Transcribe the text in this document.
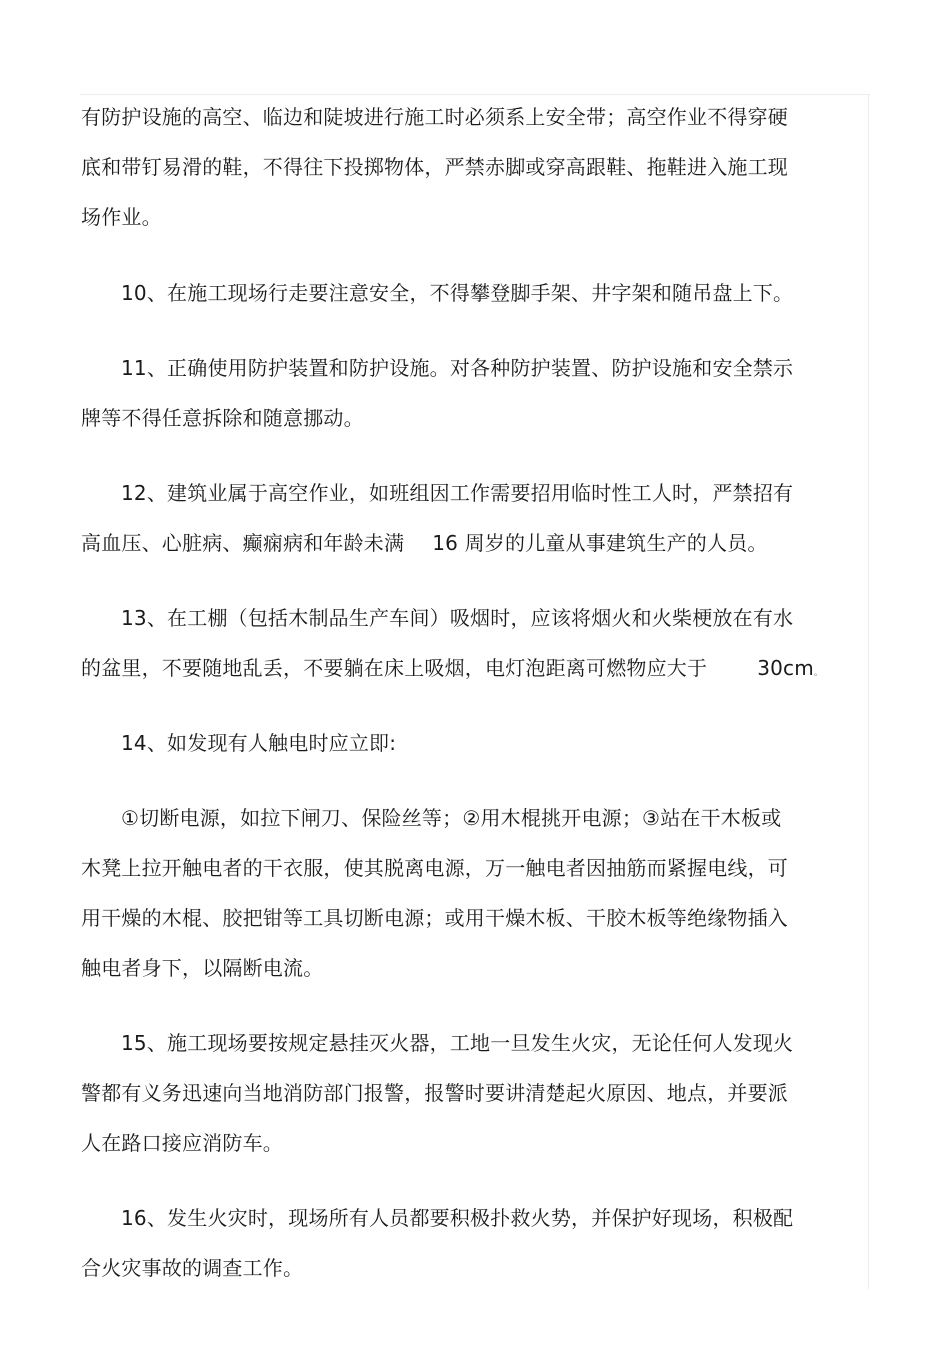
有防护设施的高空、临边和陡坡进行施工时必须系上安全带；高空作业不得穿硬
底和带钉易滑的鞋，不得往下投掷物体，严禁赤脚或穿高跟鞋、拖鞋进入施工现
场作业。
10、在施工现场行走要注意安全，不得攀登脚手架、井字架和随吊盘上下。
11、正确使用防护装置和防护设施。对各种防护装置、防护设施和安全禁示
牌等不得任意拆除和随意挪动。
12、建筑业属于高空作业，如班组因工作需要招用临时性工人时，严禁招有
高血压、心脏病、癫痫病和年龄未满 16 周岁的儿童从事建筑生产的人员。
13、在工棚（包括木制品生产车间）吸烟时，应该将烟火和火柴梗放在有水
的盆里，不要随地乱丢，不要躺在床上吸烟，电灯泡距离可燃物应大于	30cm。
14、如发现有人触电时应立即:
①切断电源，如拉下闸刀、保险丝等；②用木棍挑开电源；③站在干木板或
木凳上拉开触电者的干衣服，使其脱离电源，万一触电者因抽筋而紧握电线，可
用干燥的木棍、胶把钳等工具切断电源；或用干燥木板、干胶木板等绝缘物插入
触电者身下，以隔断电流。
15、施工现场要按规定悬挂灭火器，工地一旦发生火灾，无论任何人发现火
警都有义务迅速向当地消防部门报警，报警时要讲清楚起火原因、地点，并要派
人在路口接应消防车。
16、发生火灾时，现场所有人员都要积极扑救火势，并保护好现场，积极配
合火灾事故的调查工作。
